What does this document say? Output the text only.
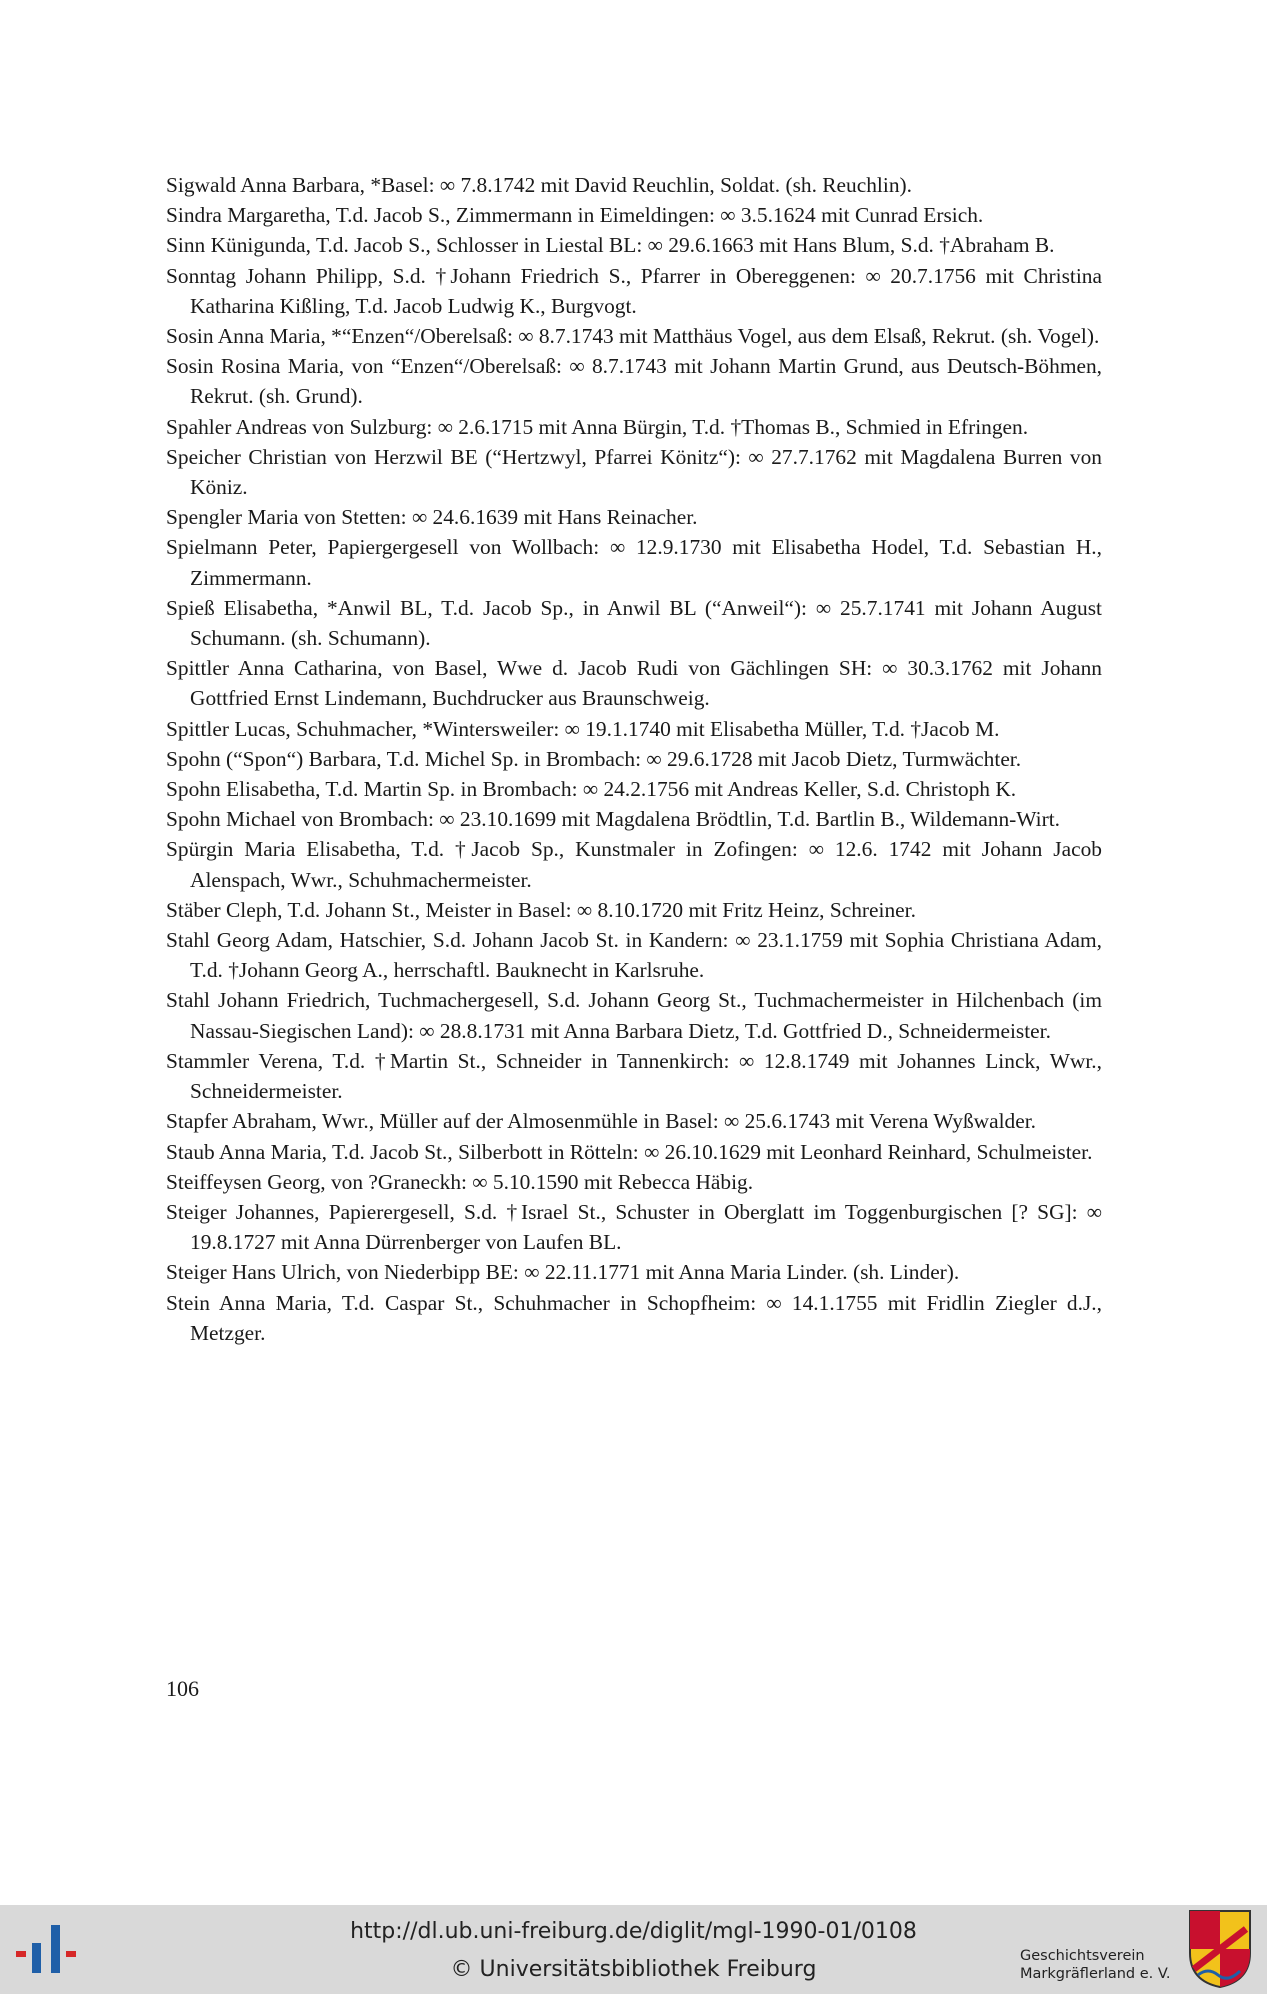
Sigwald Anna Barbara, *Basel: ∞ 7.8.1742 mit David Reuchlin, Soldat. (sh. Reuchlin).
Sindra Margaretha, T.d. Jacob S., Zimmermann in Eimeldingen: ∞ 3.5.1624 mit Cunrad Ersich.
Sinn Künigunda, T.d. Jacob S., Schlosser in Liestal BL: ∞ 29.6.1663 mit Hans Blum, S.d. †Abraham B.
Sonntag Johann Philipp, S.d. †Johann Friedrich S., Pfarrer in Obereggenen: ∞ 20.7.1756 mit Christina Katharina Kißling, T.d. Jacob Ludwig K., Burgvogt.
Sosin Anna Maria, *“Enzen“/Oberelsaß: ∞ 8.7.1743 mit Matthäus Vogel, aus dem Elsaß, Rekrut. (sh. Vogel).
Sosin Rosina Maria, von “Enzen“/Oberelsaß: ∞ 8.7.1743 mit Johann Martin Grund, aus Deutsch-Böhmen, Rekrut. (sh. Grund).
Spahler Andreas von Sulzburg: ∞ 2.6.1715 mit Anna Bürgin, T.d. †Thomas B., Schmied in Efringen.
Speicher Christian von Herzwil BE (“Hertzwyl, Pfarrei Könitz“): ∞ 27.7.1762 mit Magdalena Burren von Köniz.
Spengler Maria von Stetten: ∞ 24.6.1639 mit Hans Reinacher.
Spielmann Peter, Papiergergesell von Wollbach: ∞ 12.9.1730 mit Elisabetha Hodel, T.d. Sebastian H., Zimmermann.
Spieß Elisabetha, *Anwil BL, T.d. Jacob Sp., in Anwil BL (“Anweil“): ∞ 25.7.1741 mit Johann August Schumann. (sh. Schumann).
Spittler Anna Catharina, von Basel, Wwe d. Jacob Rudi von Gächlingen SH: ∞ 30.3.1762 mit Johann Gottfried Ernst Lindemann, Buchdrucker aus Braunschweig.
Spittler Lucas, Schuhmacher, *Wintersweiler: ∞ 19.1.1740 mit Elisabetha Müller, T.d. †Jacob M.
Spohn (“Spon“) Barbara, T.d. Michel Sp. in Brombach: ∞ 29.6.1728 mit Jacob Dietz, Turmwächter.
Spohn Elisabetha, T.d. Martin Sp. in Brombach: ∞ 24.2.1756 mit Andreas Keller, S.d. Christoph K.
Spohn Michael von Brombach: ∞ 23.10.1699 mit Magdalena Brödtlin, T.d. Bartlin B., Wildemann-Wirt.
Spürgin Maria Elisabetha, T.d. †Jacob Sp., Kunstmaler in Zofingen: ∞ 12.6. 1742 mit Johann Jacob Alenspach, Wwr., Schuhmachermeister.
Stäber Cleph, T.d. Johann St., Meister in Basel: ∞ 8.10.1720 mit Fritz Heinz, Schreiner.
Stahl Georg Adam, Hatschier, S.d. Johann Jacob St. in Kandern: ∞ 23.1.1759 mit Sophia Christiana Adam, T.d. †Johann Georg A., herrschaftl. Bauknecht in Karlsruhe.
Stahl Johann Friedrich, Tuchmachergesell, S.d. Johann Georg St., Tuchmachermeister in Hilchenbach (im Nassau-Siegischen Land): ∞ 28.8.1731 mit Anna Barbara Dietz, T.d. Gottfried D., Schneidermeister.
Stammler Verena, T.d. †Martin St., Schneider in Tannenkirch: ∞ 12.8.1749 mit Johannes Linck, Wwr., Schneidermeister.
Stapfer Abraham, Wwr., Müller auf der Almosenmühle in Basel: ∞ 25.6.1743 mit Verena Wyßwalder.
Staub Anna Maria, T.d. Jacob St., Silberbott in Rötteln: ∞ 26.10.1629 mit Leonhard Reinhard, Schulmeister.
Steiffeysen Georg, von ?Graneckh: ∞ 5.10.1590 mit Rebecca Häbig.
Steiger Johannes, Papierergesell, S.d. †Israel St., Schuster in Oberglatt im Toggenburgischen [? SG]: ∞ 19.8.1727 mit Anna Dürrenberger von Laufen BL.
Steiger Hans Ulrich, von Niederbipp BE: ∞ 22.11.1771 mit Anna Maria Linder. (sh. Linder).
Stein Anna Maria, T.d. Caspar St., Schuhmacher in Schopfheim: ∞ 14.1.1755 mit Fridlin Ziegler d.J., Metzger.
106
http://dl.ub.uni-freiburg.de/diglit/mgl-1990-01/0108
© Universitätsbibliothek Freiburg
Geschichtsverein
Markgräflerland e. V.
